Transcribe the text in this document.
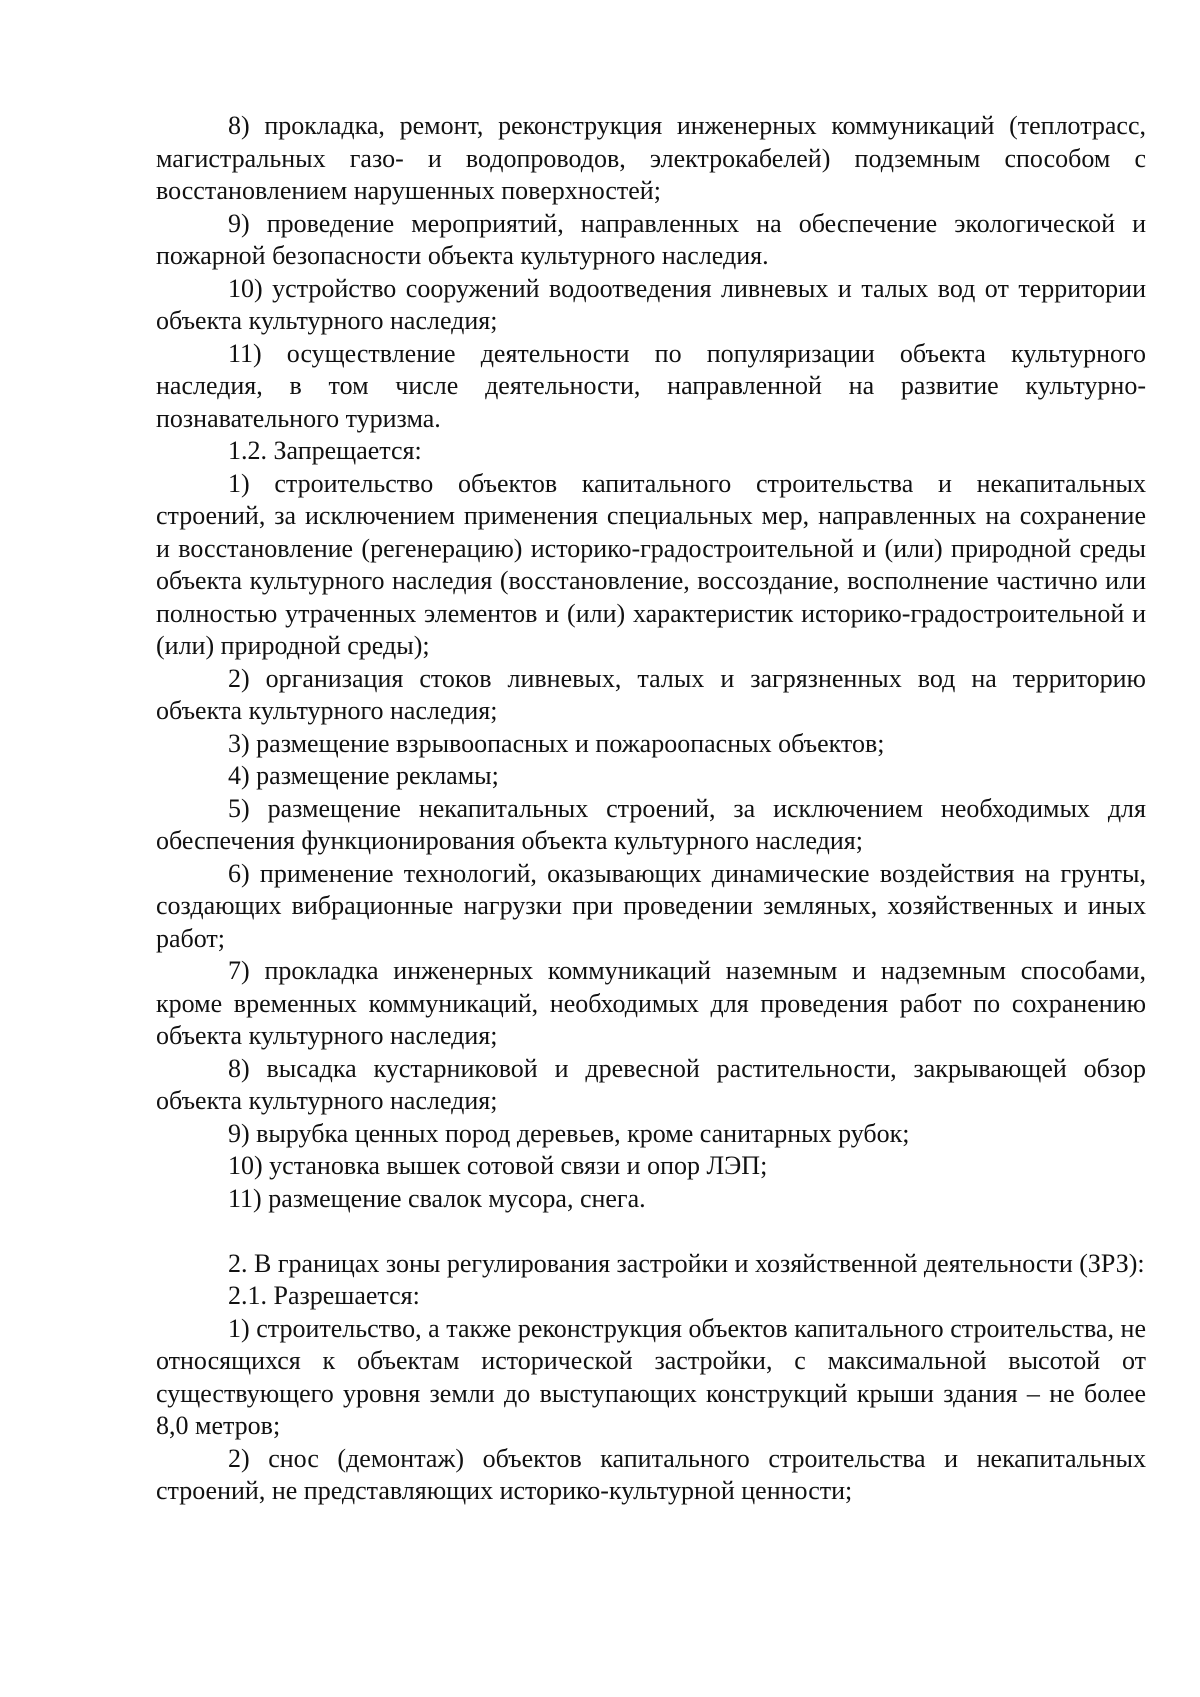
8) прокладка, ремонт, реконструкция инженерных коммуникаций (теплотрасс, магистральных газо- и водопроводов, электрокабелей) подземным способом с восстановлением нарушенных поверхностей;

9) проведение мероприятий, направленных на обеспечение экологической и пожарной безопасности объекта культурного наследия.

10) устройство сооружений водоотведения ливневых и талых вод от территории объекта культурного наследия;

11) осуществление деятельности по популяризации объекта культурного наследия, в том числе деятельности, направленной на развитие культурно-познавательного туризма.

1.2. Запрещается:

1) строительство объектов капитального строительства и некапитальных строений, за исключением применения специальных мер, направленных на сохранение и восстановление (регенерацию) историко-градостроительной и (или) природной среды объекта культурного наследия (восстановление, воссоздание, восполнение частично или полностью утраченных элементов и (или) характеристик историко-градостроительной и (или) природной среды);

2) организация стоков ливневых, талых и загрязненных вод на территорию объекта культурного наследия;

3) размещение взрывоопасных и пожароопасных объектов;

4) размещение рекламы;

5) размещение некапитальных строений, за исключением необходимых для обеспечения функционирования объекта культурного наследия;

6) применение технологий, оказывающих динамические воздействия на грунты, создающих вибрационные нагрузки при проведении земляных, хозяйственных и иных работ;

7) прокладка инженерных коммуникаций наземным и надземным способами, кроме временных коммуникаций, необходимых для проведения работ по сохранению объекта культурного наследия;

8) высадка кустарниковой и древесной растительности, закрывающей обзор объекта культурного наследия;

9) вырубка ценных пород деревьев, кроме санитарных рубок;

10) установка вышек сотовой связи и опор ЛЭП;

11) размещение свалок мусора, снега.

2. В границах зоны регулирования застройки и хозяйственной деятельности (ЗРЗ):

2.1. Разрешается:

1) строительство, а также реконструкция объектов капитального строительства, не относящихся к объектам исторической застройки, с максимальной высотой от существующего уровня земли до выступающих конструкций крыши здания – не более 8,0 метров;

2) снос (демонтаж) объектов капитального строительства и некапитальных строений, не представляющих историко-культурной ценности;
